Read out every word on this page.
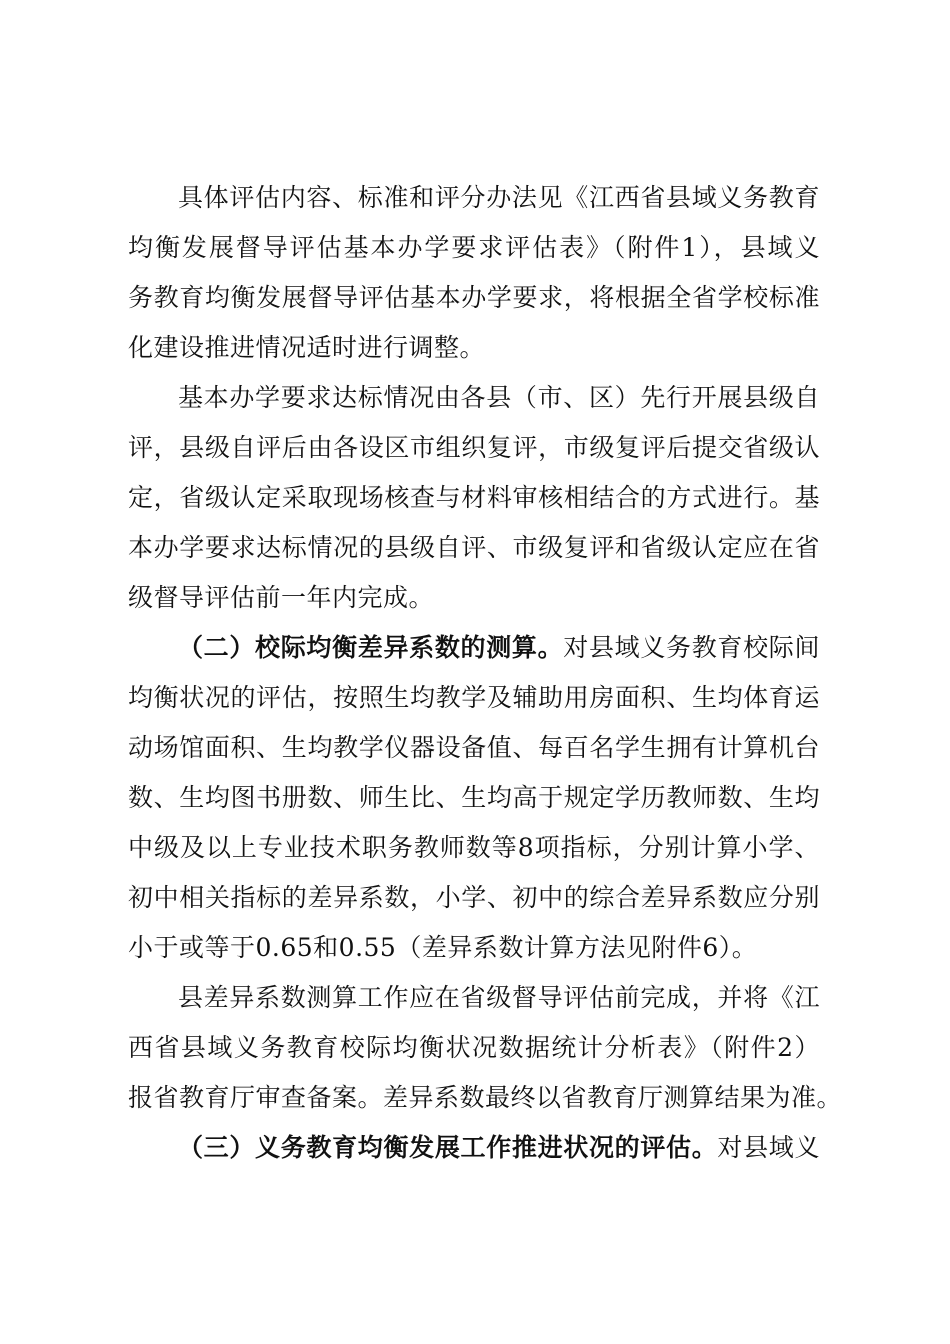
具体评估内容、标准和评分办法见《江西省县域义务教育
均衡发展督导评估基本办学要求评估表》（附件1），县域义
务教育均衡发展督导评估基本办学要求，将根据全省学校标准
化建设推进情况适时进行调整。
基本办学要求达标情况由各县（市、区）先行开展县级自
评，县级自评后由各设区市组织复评，市级复评后提交省级认
定，省级认定采取现场核查与材料审核相结合的方式进行。基
本办学要求达标情况的县级自评、市级复评和省级认定应在省
级督导评估前一年内完成。
（二）校际均衡差异系数的测算。对县域义务教育校际间
均衡状况的评估，按照生均教学及辅助用房面积、生均体育运
动场馆面积、生均教学仪器设备值、每百名学生拥有计算机台
数、生均图书册数、师生比、生均高于规定学历教师数、生均
中级及以上专业技术职务教师数等8项指标，分别计算小学、
初中相关指标的差异系数，小学、初中的综合差异系数应分别
小于或等于0.65和0.55（差异系数计算方法见附件6）。
县差异系数测算工作应在省级督导评估前完成，并将《江
西省县域义务教育校际均衡状况数据统计分析表》（附件2）
报省教育厅审查备案。差异系数最终以省教育厅测算结果为准。
（三）义务教育均衡发展工作推进状况的评估。对县域义
